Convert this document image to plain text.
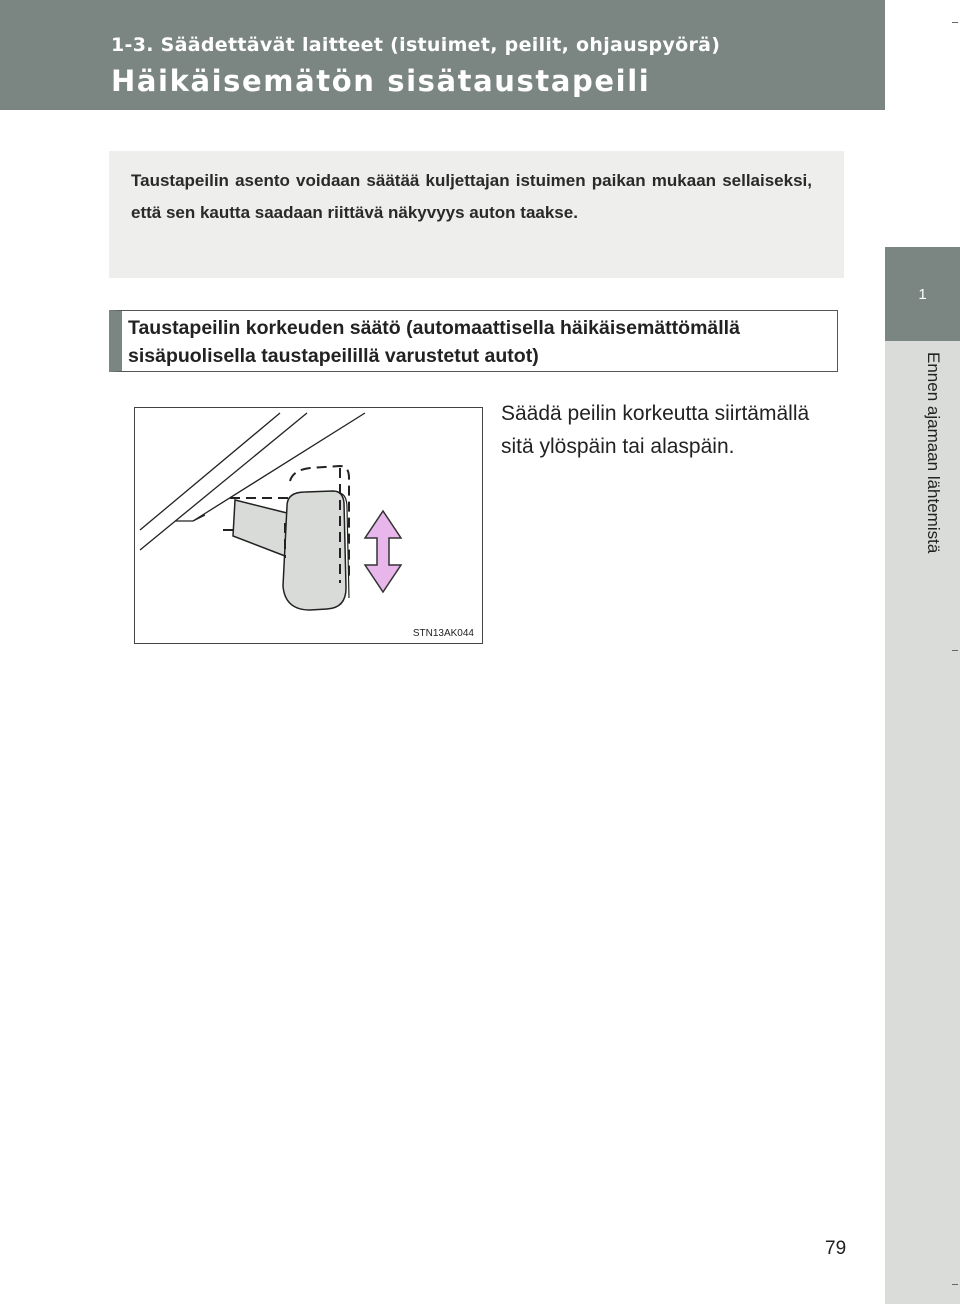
1-3. Säädettävät laitteet (istuimet, peilit, ohjauspyörä)
Häikäisemätön sisätaustapeili
1
Ennen ajamaan lähtemistä

Taustapeilin asento voidaan säätää kuljettajan istuimen paikan mukaan sellaiseksi, että sen kautta saadaan riittävä näkyvyys auton taakse.

Taustapeilin korkeuden säätö (automaattisella häikäisemättömällä

sisäpuolisella taustapeilillä varustetut autot)

STN13AK044
Säädä peilin korkeutta siirtämällä
sitä ylöspäin tai alaspäin.
79
